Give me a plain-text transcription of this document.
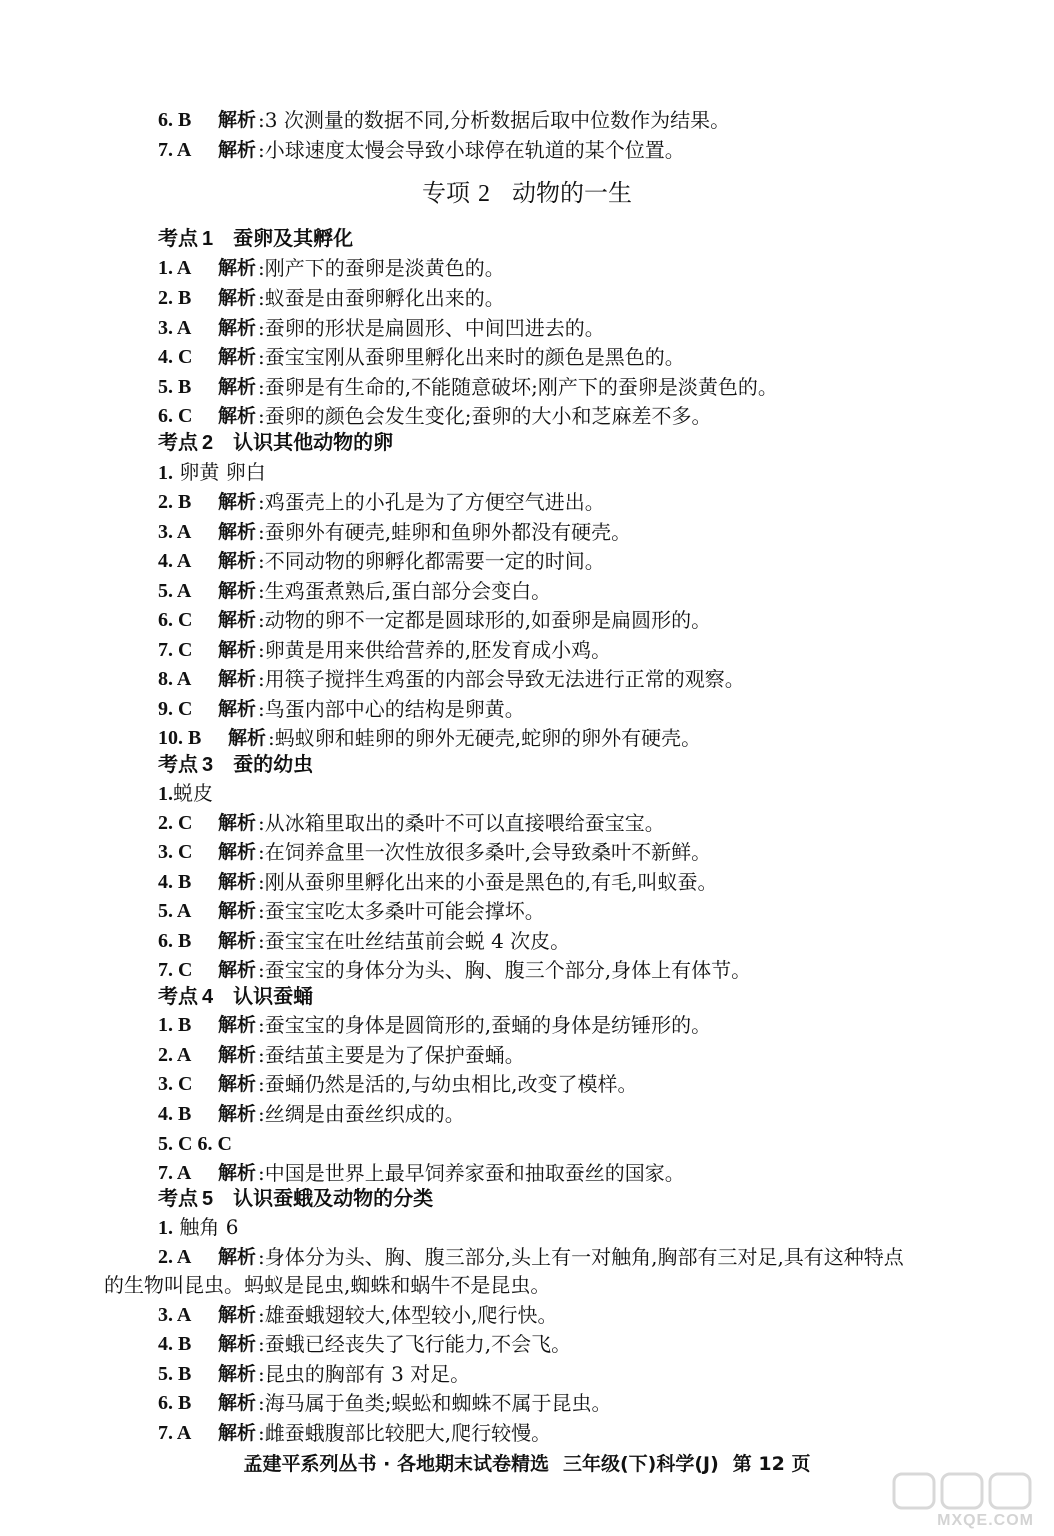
6. B 解析 :3 次测量的数据不同,分析数据后取中位数作为结果。
7. A 解析 :小球速度太慢会导致小球停在轨道的某个位置。
专项 2 动物的一生
考点 1 蚕卵及其孵化
1. A 解析 :刚产下的蚕卵是淡黄色的。
2. B 解析 :蚁蚕是由蚕卵孵化出来的。
3. A 解析 :蚕卵的形状是扁圆形、中间凹进去的。
4. C 解析 :蚕宝宝刚从蚕卵里孵化出来时的颜色是黑色的。
5. B 解析 :蚕卵是有生命的,不能随意破坏;刚产下的蚕卵是淡黄色的。
6. C 解析 :蚕卵的颜色会发生变化;蚕卵的大小和芝麻差不多。
考点 2 认识其他动物的卵
1. 卵黄 卵白
2. B 解析 :鸡蛋壳上的小孔是为了方便空气进出。
3. A 解析 :蚕卵外有硬壳,蛙卵和鱼卵外都没有硬壳。
4. A 解析 :不同动物的卵孵化都需要一定的时间。
5. A 解析 :生鸡蛋煮熟后,蛋白部分会变白。
6. C 解析 :动物的卵不一定都是圆球形的,如蚕卵是扁圆形的。
7. C 解析 :卵黄是用来供给营养的,胚发育成小鸡。
8. A 解析 :用筷子搅拌生鸡蛋的内部会导致无法进行正常的观察。
9. C 解析 :鸟蛋内部中心的结构是卵黄。
10. B 解析 :蚂蚁卵和蛙卵的卵外无硬壳,蛇卵的卵外有硬壳。
考点 3 蚕的幼虫
1.蜕皮
2. C 解析 :从冰箱里取出的桑叶不可以直接喂给蚕宝宝。
3. C 解析 :在饲养盒里一次性放很多桑叶,会导致桑叶不新鲜。
4. B 解析 :刚从蚕卵里孵化出来的小蚕是黑色的,有毛,叫蚁蚕。
5. A 解析 :蚕宝宝吃太多桑叶可能会撑坏。
6. B 解析 :蚕宝宝在吐丝结茧前会蜕 4 次皮。
7. C 解析 :蚕宝宝的身体分为头、胸、腹三个部分,身体上有体节。
考点 4 认识蚕蛹
1. B 解析 :蚕宝宝的身体是圆筒形的,蚕蛹的身体是纺锤形的。
2. A 解析 :蚕结茧主要是为了保护蚕蛹。
3. C 解析 :蚕蛹仍然是活的,与幼虫相比,改变了模样。
4. B 解析 :丝绸是由蚕丝织成的。
5. C 6. C
7. A 解析 :中国是世界上最早饲养家蚕和抽取蚕丝的国家。
考点 5 认识蚕蛾及动物的分类
1. 触角 6
2. A 解析 :身体分为头、胸、腹三部分,头上有一对触角,胸部有三对足,具有这种特点
的生物叫昆虫。蚂蚁是昆虫,蜘蛛和蜗牛不是昆虫。
3. A 解析 :雄蚕蛾翅较大,体型较小,爬行快。
4. B 解析 :蚕蛾已经丧失了飞行能力,不会飞。
5. B 解析 :昆虫的胸部有 3 对足。
6. B 解析 :海马属于鱼类;蜈蚣和蜘蛛不属于昆虫。
7. A 解析 :雌蚕蛾腹部比较肥大,爬行较慢。
孟建平系列丛书 · 各地期末试卷精选 三年级(下)科学(J) 第 12 页
MXQE.COM
